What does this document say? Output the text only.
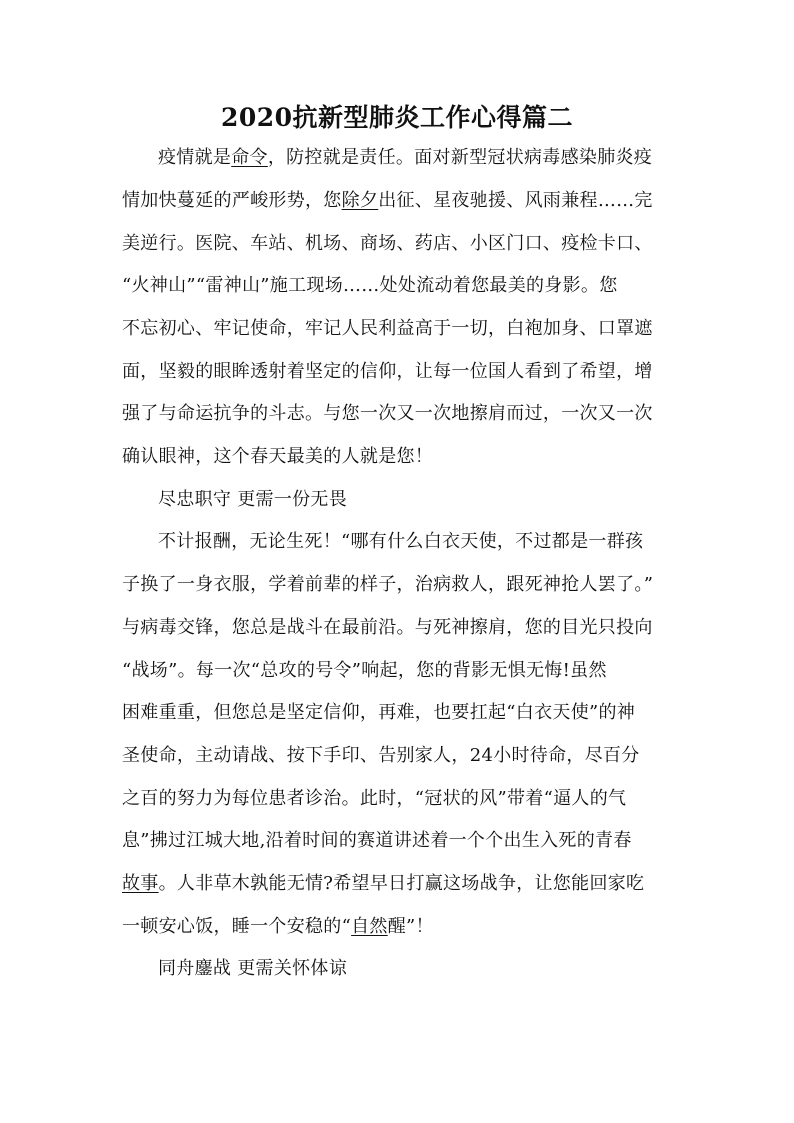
2020抗新型肺炎工作心得篇二
疫情就是命令，防控就是责任。面对新型冠状病毒感染肺炎疫
情加快蔓延的严峻形势，您除夕出征、星夜驰援、风雨兼程……完
美逆行。医院、车站、机场、商场、药店、小区门口、疫检卡口、
“火神山”“雷神山”施工现场……处处流动着您最美的身影。您
不忘初心、牢记使命，牢记人民利益高于一切，白袍加身、口罩遮
面，坚毅的眼眸透射着坚定的信仰，让每一位国人看到了希望，增
强了与命运抗争的斗志。与您一次又一次地擦肩而过，一次又一次
确认眼神，这个春天最美的人就是您！
尽忠职守 更需一份无畏
不计报酬，无论生死！“哪有什么白衣天使，不过都是一群孩
子换了一身衣服，学着前辈的样子，治病救人，跟死神抢人罢了。”
与病毒交锋，您总是战斗在最前沿。与死神擦肩，您的目光只投向
“战场”。每一次“总攻的号令”响起，您的背影无惧无悔!虽然
困难重重，但您总是坚定信仰，再难，也要扛起“白衣天使”的神
圣使命，主动请战、按下手印、告别家人，24小时待命，尽百分
之百的努力为每位患者诊治。此时，“冠状的风”带着“逼人的气
息”拂过江城大地,沿着时间的赛道讲述着一个个出生入死的青春
故事。人非草木孰能无情?希望早日打赢这场战争，让您能回家吃
一顿安心饭，睡一个安稳的“自然醒”！
同舟鏖战 更需关怀体谅
